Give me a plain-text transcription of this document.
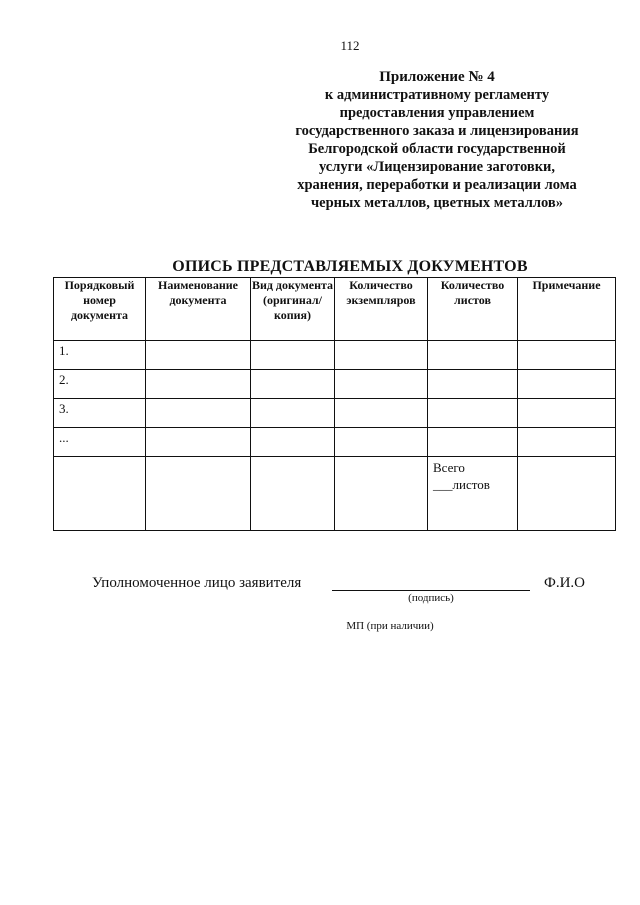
112
Приложение № 4
к административному регламенту
предоставления управлением
государственного заказа и лицензирования
Белгородской области государственной
услуги «Лицензирование заготовки,
хранения, переработки и реализации лома
черных металлов, цветных металлов»
ОПИСЬ ПРЕДСТАВЛЯЕМЫХ ДОКУМЕНТОВ
Порядковый номер документа	Наименование документа	Вид документа (оригинал/ копия)	Количество экземпляров	Количество листов	Примечание

1.					

2.					

3.					

...					

				Всего
___листов	

Уполномоченное лицо заявителя
(подпись)
Ф.И.О
МП (при наличии)
